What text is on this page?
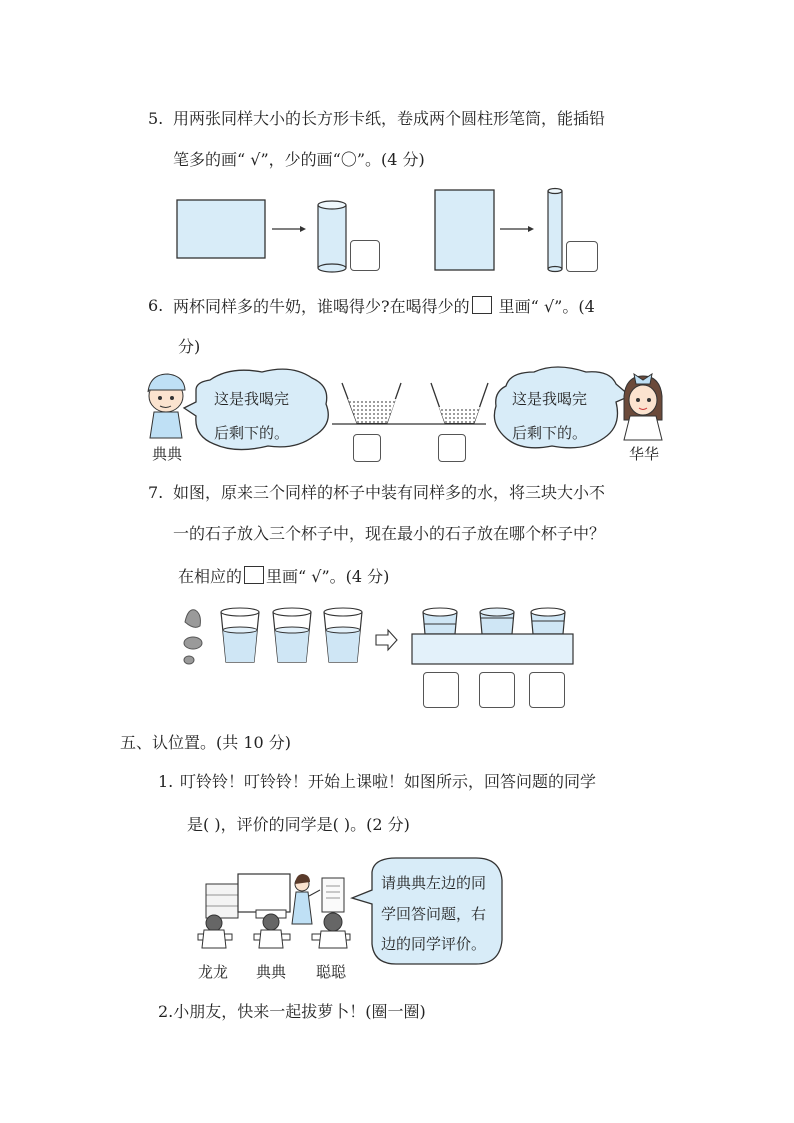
5. 用两张同样大小的长方形卡纸，卷成两个圆柱形笔筒，能插铅
笔多的画“ √”，少的画“〇”。(4 分)
6. 两杯同样多的牛奶，谁喝得少?在喝得少的 里画“ √”。(4
分)
这是我喝完
后剩下的。
这是我喝完
后剩下的。
典典	华华
7. 如图，原来三个同样的杯子中装有同样多的水，将三块大小不
一的石子放入三个杯子中，现在最小的石子放在哪个杯子中？
在相应的 里画“ √”。(4 分)
五、认位置。(共 10 分)
1. 叮铃铃！叮铃铃！开始上课啦！如图所示，回答问题的同学
是( )，评价的同学是( )。(2 分)
请典典左边的同
学回答问题，右
边的同学评价。
龙龙 典典 聪聪
2.小朋友，快来一起拔萝卜！(圈一圈)
